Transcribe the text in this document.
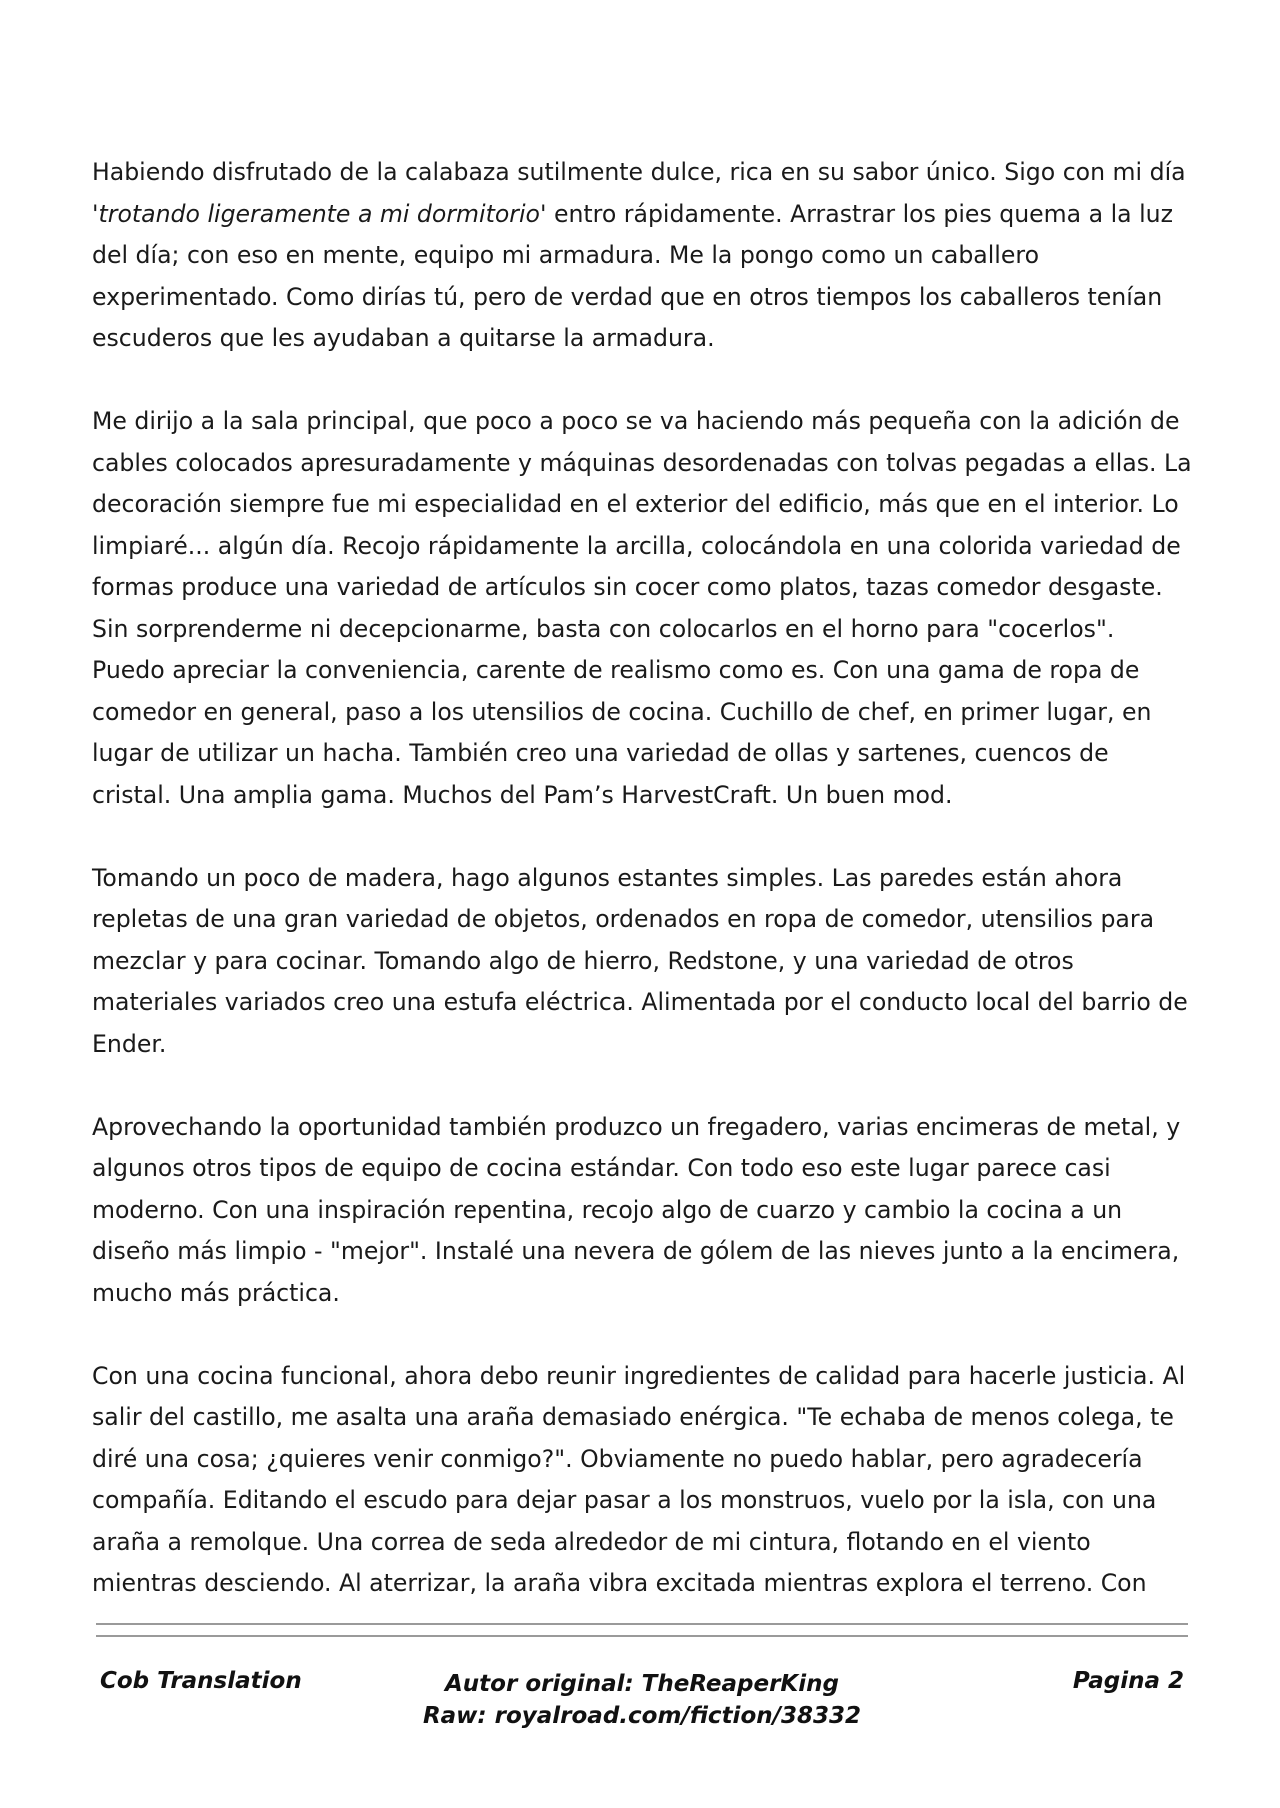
Habiendo disfrutado de la calabaza sutilmente dulce, rica en su sabor único. Sigo con mi día 'trotando ligeramente a mi dormitorio' entro rápidamente. Arrastrar los pies quema a la luz del día; con eso en mente, equipo mi armadura. Me la pongo como un caballero experimentado. Como dirías tú, pero de verdad que en otros tiempos los caballeros tenían escuderos que les ayudaban a quitarse la armadura.

Me dirijo a la sala principal, que poco a poco se va haciendo más pequeña con la adición de cables colocados apresuradamente y máquinas desordenadas con tolvas pegadas a ellas. La decoración siempre fue mi especialidad en el exterior del edificio, más que en el interior. Lo limpiaré... algún día. Recojo rápidamente la arcilla, colocándola en una colorida variedad de formas produce una variedad de artículos sin cocer como platos, tazas comedor desgaste. Sin sorprenderme ni decepcionarme, basta con colocarlos en el horno para "cocerlos". Puedo apreciar la conveniencia, carente de realismo como es. Con una gama de ropa de comedor en general, paso a los utensilios de cocina. Cuchillo de chef, en primer lugar, en lugar de utilizar un hacha. También creo una variedad de ollas y sartenes, cuencos de cristal. Una amplia gama. Muchos del Pam’s HarvestCraft. Un buen mod.

Tomando un poco de madera, hago algunos estantes simples. Las paredes están ahora repletas de una gran variedad de objetos, ordenados en ropa de comedor, utensilios para mezclar y para cocinar. Tomando algo de hierro, Redstone, y una variedad de otros materiales variados creo una estufa eléctrica. Alimentada por el conducto local del barrio de Ender.

Aprovechando la oportunidad también produzco un fregadero, varias encimeras de metal, y algunos otros tipos de equipo de cocina estándar. Con todo eso este lugar parece casi moderno. Con una inspiración repentina, recojo algo de cuarzo y cambio la cocina a un diseño más limpio - "mejor". Instalé una nevera de gólem de las nieves junto a la encimera, mucho más práctica.

Con una cocina funcional, ahora debo reunir ingredientes de calidad para hacerle justicia. Al salir del castillo, me asalta una araña demasiado enérgica. "Te echaba de menos colega, te diré una cosa; ¿quieres venir conmigo?". Obviamente no puedo hablar, pero agradecería compañía. Editando el escudo para dejar pasar a los monstruos, vuelo por la isla, con una araña a remolque. Una correa de seda alrededor de mi cintura, flotando en el viento mientras desciendo. Al aterrizar, la araña vibra excitada mientras explora el terreno. Con

Cob Translation	Autor original: TheReaperKing
Raw: royalroad.com/fiction/38332
Pagina 2
